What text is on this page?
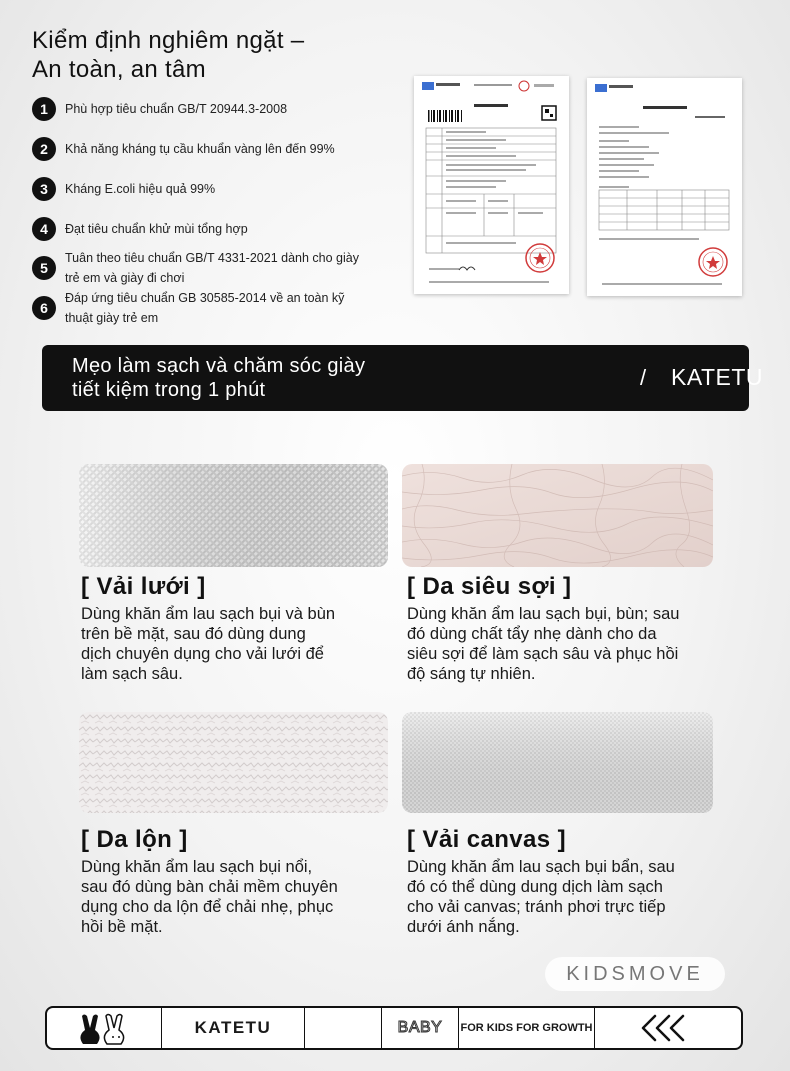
Kiểm định nghiêm ngặt –
An toàn, an tâm
1	Phù hợp tiêu chuẩn GB/T 20944.3-2008
2	Khả năng kháng tụ cầu khuẩn vàng lên đến 99%
3	Kháng E.coli hiệu quả 99%
4	Đạt tiêu chuẩn khử mùi tổng hợp
5
Tuân theo tiêu chuẩn GB/T 4331-2021 dành cho giày
trẻ em và giày đi chơi
6
Đáp ứng tiêu chuẩn GB 30585-2014 về an toàn kỹ
thuật giày trẻ em
Mẹo làm sạch và chăm sóc giày
tiết kiệm trong 1 phút	/ KATETU
[ Vải lưới ]
Dùng khăn ẩm lau sạch bụi và bùn
trên bề mặt, sau đó dùng dung
dịch chuyên dụng cho vải lưới để
làm sạch sâu.
[ Da siêu sợi ]
Dùng khăn ẩm lau sạch bụi, bùn; sau
đó dùng chất tẩy nhẹ dành cho da
siêu sợi để làm sạch sâu và phục hồi
độ sáng tự nhiên.
[ Da lộn ]
Dùng khăn ẩm lau sạch bụi nổi,
sau đó dùng bàn chải mềm chuyên
dụng cho da lộn để chải nhẹ, phục
hồi bề mặt.
[ Vải canvas ]
Dùng khăn ẩm lau sạch bụi bẩn, sau
đó có thể dùng dung dịch làm sạch
cho vải canvas; tránh phơi trực tiếp
dưới ánh nắng.
KIDSMOVE
KATETU	BABY	FOR KIDS FOR GROWTH
